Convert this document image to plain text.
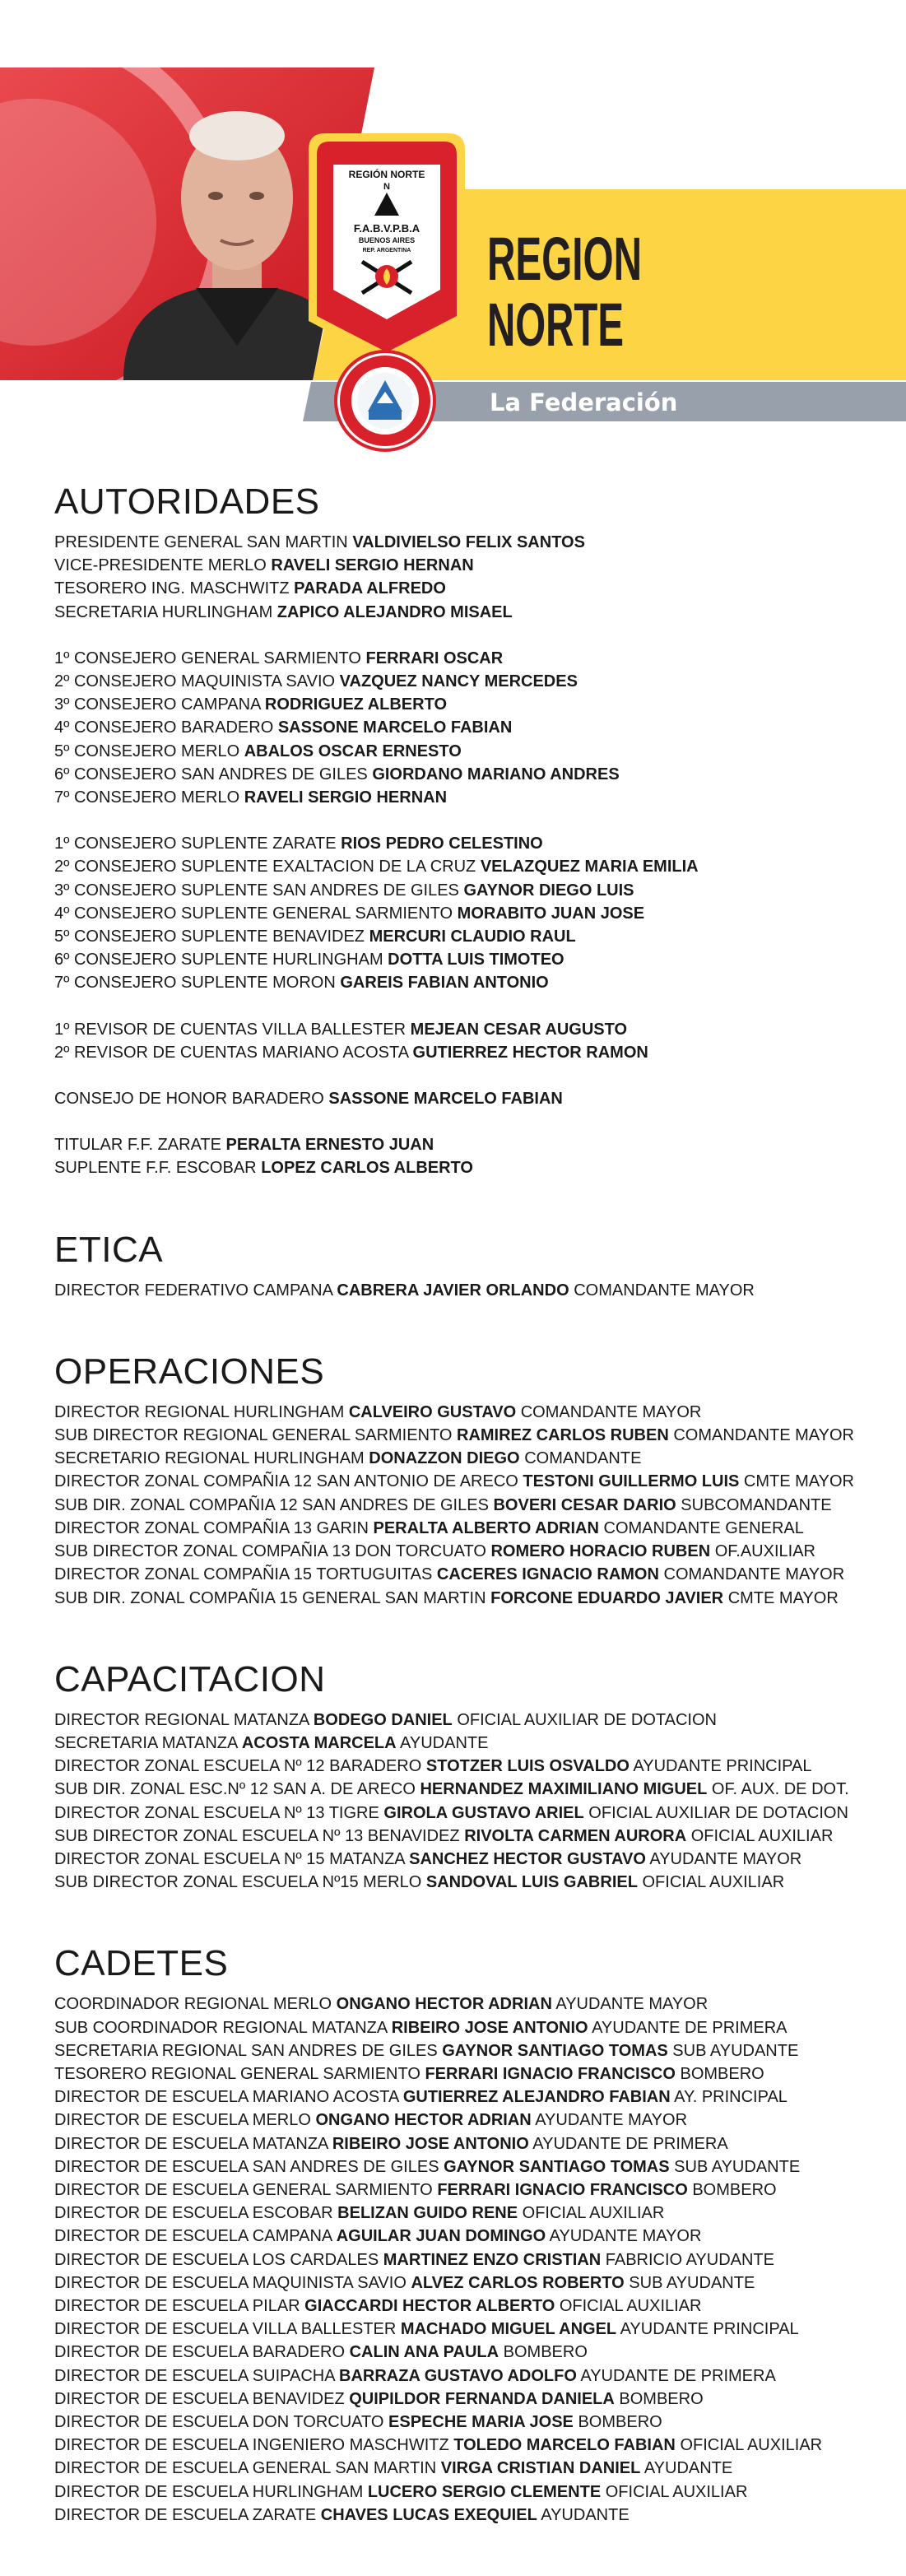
REGIÓN NORTE
N
F.A.B.V.P.B.A
BUENOS AIRES
REP. ARGENTINA REGION
NORTE
La Federación
AUTORIDADES
PRESIDENTE GENERAL SAN MARTIN VALDIVIELSO FELIX SANTOS
VICE-PRESIDENTE MERLO RAVELI SERGIO HERNAN
TESORERO ING. MASCHWITZ PARADA ALFREDO
SECRETARIA HURLINGHAM ZAPICO ALEJANDRO MISAEL
1º CONSEJERO GENERAL SARMIENTO FERRARI OSCAR
2º CONSEJERO MAQUINISTA SAVIO VAZQUEZ NANCY MERCEDES
3º CONSEJERO CAMPANA RODRIGUEZ ALBERTO
4º CONSEJERO BARADERO SASSONE MARCELO FABIAN
5º CONSEJERO MERLO ABALOS OSCAR ERNESTO
6º CONSEJERO SAN ANDRES DE GILES GIORDANO MARIANO ANDRES
7º CONSEJERO MERLO RAVELI SERGIO HERNAN
1º CONSEJERO SUPLENTE ZARATE RIOS PEDRO CELESTINO
2º CONSEJERO SUPLENTE EXALTACION DE LA CRUZ VELAZQUEZ MARIA EMILIA
3º CONSEJERO SUPLENTE SAN ANDRES DE GILES GAYNOR DIEGO LUIS
4º CONSEJERO SUPLENTE GENERAL SARMIENTO MORABITO JUAN JOSE
5º CONSEJERO SUPLENTE BENAVIDEZ MERCURI CLAUDIO RAUL
6º CONSEJERO SUPLENTE HURLINGHAM DOTTA LUIS TIMOTEO
7º CONSEJERO SUPLENTE MORON GAREIS FABIAN ANTONIO
1º REVISOR DE CUENTAS VILLA BALLESTER MEJEAN CESAR AUGUSTO
2º REVISOR DE CUENTAS MARIANO ACOSTA GUTIERREZ HECTOR RAMON
CONSEJO DE HONOR BARADERO SASSONE MARCELO FABIAN
TITULAR F.F. ZARATE PERALTA ERNESTO JUAN
SUPLENTE F.F. ESCOBAR LOPEZ CARLOS ALBERTO
ETICA
DIRECTOR FEDERATIVO CAMPANA CABRERA JAVIER ORLANDO COMANDANTE MAYOR
OPERACIONES
DIRECTOR REGIONAL HURLINGHAM CALVEIRO GUSTAVO COMANDANTE MAYOR
SUB DIRECTOR REGIONAL GENERAL SARMIENTO RAMIREZ CARLOS RUBEN COMANDANTE MAYOR
SECRETARIO REGIONAL HURLINGHAM DONAZZON DIEGO COMANDANTE
DIRECTOR ZONAL COMPAÑIA 12 SAN ANTONIO DE ARECO TESTONI GUILLERMO LUIS CMTE MAYOR
SUB DIR. ZONAL COMPAÑIA 12 SAN ANDRES DE GILES BOVERI CESAR DARIO SUBCOMANDANTE
DIRECTOR ZONAL COMPAÑIA 13 GARIN PERALTA ALBERTO ADRIAN COMANDANTE GENERAL
SUB DIRECTOR ZONAL COMPAÑIA 13 DON TORCUATO ROMERO HORACIO RUBEN OF.AUXILIAR
DIRECTOR ZONAL COMPAÑIA 15 TORTUGUITAS CACERES IGNACIO RAMON COMANDANTE MAYOR
SUB DIR. ZONAL COMPAÑIA 15 GENERAL SAN MARTIN FORCONE EDUARDO JAVIER CMTE MAYOR
CAPACITACION
DIRECTOR REGIONAL MATANZA BODEGO DANIEL OFICIAL AUXILIAR DE DOTACION
SECRETARIA MATANZA ACOSTA MARCELA AYUDANTE
DIRECTOR ZONAL ESCUELA Nº 12 BARADERO STOTZER LUIS OSVALDO AYUDANTE PRINCIPAL
SUB DIR. ZONAL ESC.Nº 12 SAN A. DE ARECO HERNANDEZ MAXIMILIANO MIGUEL OF. AUX. DE DOT.
DIRECTOR ZONAL ESCUELA Nº 13 TIGRE GIROLA GUSTAVO ARIEL OFICIAL AUXILIAR DE DOTACION
SUB DIRECTOR ZONAL ESCUELA Nº 13 BENAVIDEZ RIVOLTA CARMEN AURORA OFICIAL AUXILIAR
DIRECTOR ZONAL ESCUELA Nº 15 MATANZA SANCHEZ HECTOR GUSTAVO AYUDANTE MAYOR
SUB DIRECTOR ZONAL ESCUELA Nº15 MERLO SANDOVAL LUIS GABRIEL OFICIAL AUXILIAR
CADETES
COORDINADOR REGIONAL MERLO ONGANO HECTOR ADRIAN AYUDANTE MAYOR
SUB COORDINADOR REGIONAL MATANZA RIBEIRO JOSE ANTONIO AYUDANTE DE PRIMERA
SECRETARIA REGIONAL SAN ANDRES DE GILES GAYNOR SANTIAGO TOMAS SUB AYUDANTE
TESORERO REGIONAL GENERAL SARMIENTO FERRARI IGNACIO FRANCISCO BOMBERO
DIRECTOR DE ESCUELA MARIANO ACOSTA GUTIERREZ ALEJANDRO FABIAN AY. PRINCIPAL
DIRECTOR DE ESCUELA MERLO ONGANO HECTOR ADRIAN AYUDANTE MAYOR
DIRECTOR DE ESCUELA MATANZA RIBEIRO JOSE ANTONIO AYUDANTE DE PRIMERA
DIRECTOR DE ESCUELA SAN ANDRES DE GILES GAYNOR SANTIAGO TOMAS SUB AYUDANTE
DIRECTOR DE ESCUELA GENERAL SARMIENTO FERRARI IGNACIO FRANCISCO BOMBERO
DIRECTOR DE ESCUELA ESCOBAR BELIZAN GUIDO RENE OFICIAL AUXILIAR
DIRECTOR DE ESCUELA CAMPANA AGUILAR JUAN DOMINGO AYUDANTE MAYOR
DIRECTOR DE ESCUELA LOS CARDALES MARTINEZ ENZO CRISTIAN FABRICIO AYUDANTE
DIRECTOR DE ESCUELA MAQUINISTA SAVIO ALVEZ CARLOS ROBERTO SUB AYUDANTE
DIRECTOR DE ESCUELA PILAR GIACCARDI HECTOR ALBERTO OFICIAL AUXILIAR
DIRECTOR DE ESCUELA VILLA BALLESTER MACHADO MIGUEL ANGEL AYUDANTE PRINCIPAL
DIRECTOR DE ESCUELA BARADERO CALIN ANA PAULA BOMBERO
DIRECTOR DE ESCUELA SUIPACHA BARRAZA GUSTAVO ADOLFO AYUDANTE DE PRIMERA
DIRECTOR DE ESCUELA BENAVIDEZ QUIPILDOR FERNANDA DANIELA BOMBERO
DIRECTOR DE ESCUELA DON TORCUATO ESPECHE MARIA JOSE BOMBERO
DIRECTOR DE ESCUELA INGENIERO MASCHWITZ TOLEDO MARCELO FABIAN OFICIAL AUXILIAR
DIRECTOR DE ESCUELA GENERAL SAN MARTIN VIRGA CRISTIAN DANIEL AYUDANTE
DIRECTOR DE ESCUELA HURLINGHAM LUCERO SERGIO CLEMENTE OFICIAL AUXILIAR
DIRECTOR DE ESCUELA ZARATE CHAVES LUCAS EXEQUIEL AYUDANTE
